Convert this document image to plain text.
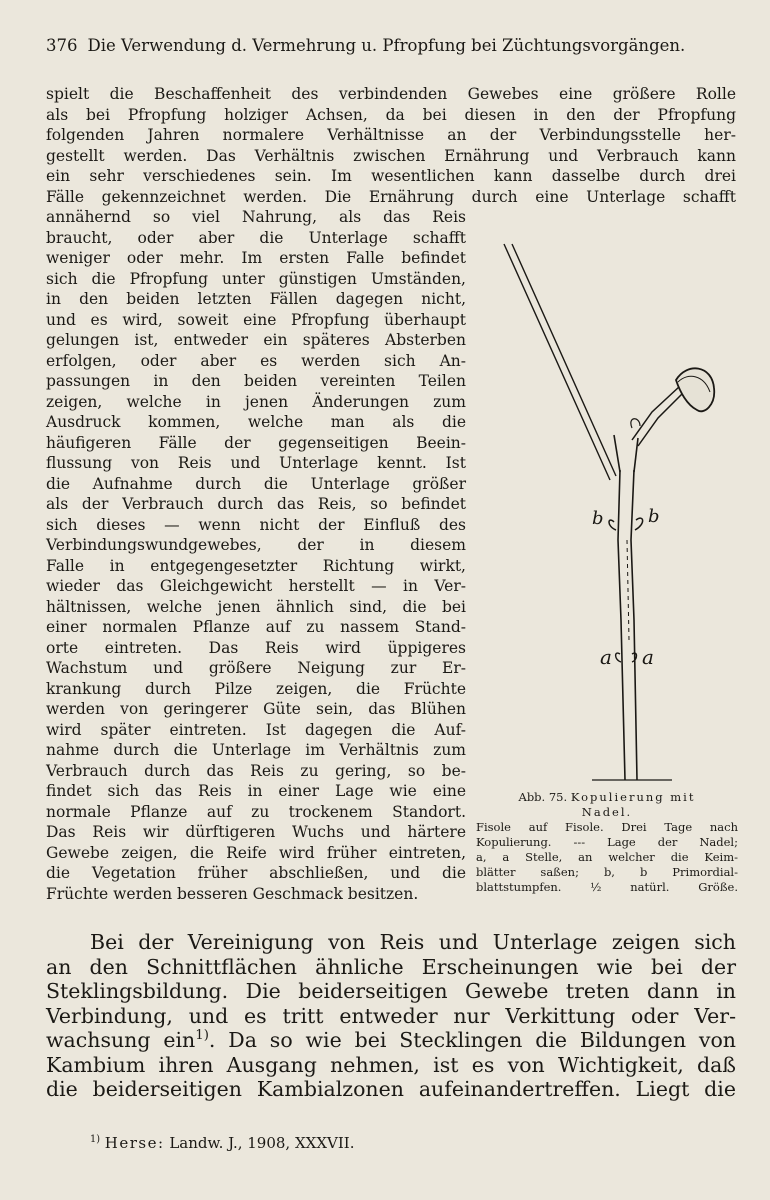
376 Die Verwendung d. Vermehrung u. Pfropfung bei Züchtungsvorgängen.
spielt die Beschaffenheit des verbindenden Gewebes eine größere Rolle
als bei Pfropfung holziger Achsen, da bei diesen in den der Pfropfung
folgenden Jahren normalere Verhältnisse an der Verbindungsstelle her-
gestellt werden. Das Verhältnis zwischen Ernährung und Verbrauch kann
ein sehr verschiedenes sein. Im wesentlichen kann dasselbe durch drei
Fälle gekennzeichnet werden. Die Ernährung durch eine Unterlage schafft
annähernd so viel Nahrung, als das Reis
braucht, oder aber die Unterlage schafft
weniger oder mehr. Im ersten Falle befindet
sich die Pfropfung unter günstigen Umständen,
in den beiden letzten Fällen dagegen nicht,
und es wird, soweit eine Pfropfung überhaupt
gelungen ist, entweder ein späteres Absterben
erfolgen, oder aber es werden sich An-
passungen in den beiden vereinten Teilen
zeigen, welche in jenen Änderungen zum
Ausdruck kommen, welche man als die
häufigeren Fälle der gegenseitigen Beein-
flussung von Reis und Unterlage kennt. Ist
die Aufnahme durch die Unterlage größer
als der Verbrauch durch das Reis, so befindet
sich dieses — wenn nicht der Einfluß des
Verbindungswundgewebes, der in diesem
Falle in entgegengesetzter Richtung wirkt,
wieder das Gleichgewicht herstellt — in Ver-
hältnissen, welche jenen ähnlich sind, die bei
einer normalen Pflanze auf zu nassem Stand-
orte eintreten. Das Reis wird üppigeres
Wachstum und größere Neigung zur Er-
krankung durch Pilze zeigen, die Früchte
werden von geringerer Güte sein, das Blühen
wird später eintreten. Ist dagegen die Auf-
nahme durch die Unterlage im Verhältnis zum
Verbrauch durch das Reis zu gering, so be-
findet sich das Reis in einer Lage wie eine
normale Pflanze auf zu trockenem Standort.
Das Reis wir dürftigeren Wuchs und härtere
Gewebe zeigen, die Reife wird früher eintreten,
die Vegetation früher abschließen, und die
Früchte werden besseren Geschmack besitzen.
b b
a a
Abb. 75. Kopulierung mit
Nadel.
Fisole auf Fisole. Drei Tage nach
Kopulierung. --- Lage der Nadel;
a, a Stelle, an welcher die Keim-
blätter saßen; b, b Primordial-
blattstumpfen. ½ natürl. Größe.
Bei der Vereinigung von Reis und Unterlage zeigen sich
an den Schnittflächen ähnliche Erscheinungen wie bei der
Steklingsbildung. Die beiderseitigen Gewebe treten dann in
Verbindung, und es tritt entweder nur Verkittung oder Ver-
wachsung ein$^{1)}$. Da so wie bei Stecklingen die Bildungen von
Kambium ihren Ausgang nehmen, ist es von Wichtigkeit, daß
die beiderseitigen Kambialzonen aufeinandertreffen. Liegt die
$^{1)}$ Herse: Landw. J., 1908, XXXVII.
